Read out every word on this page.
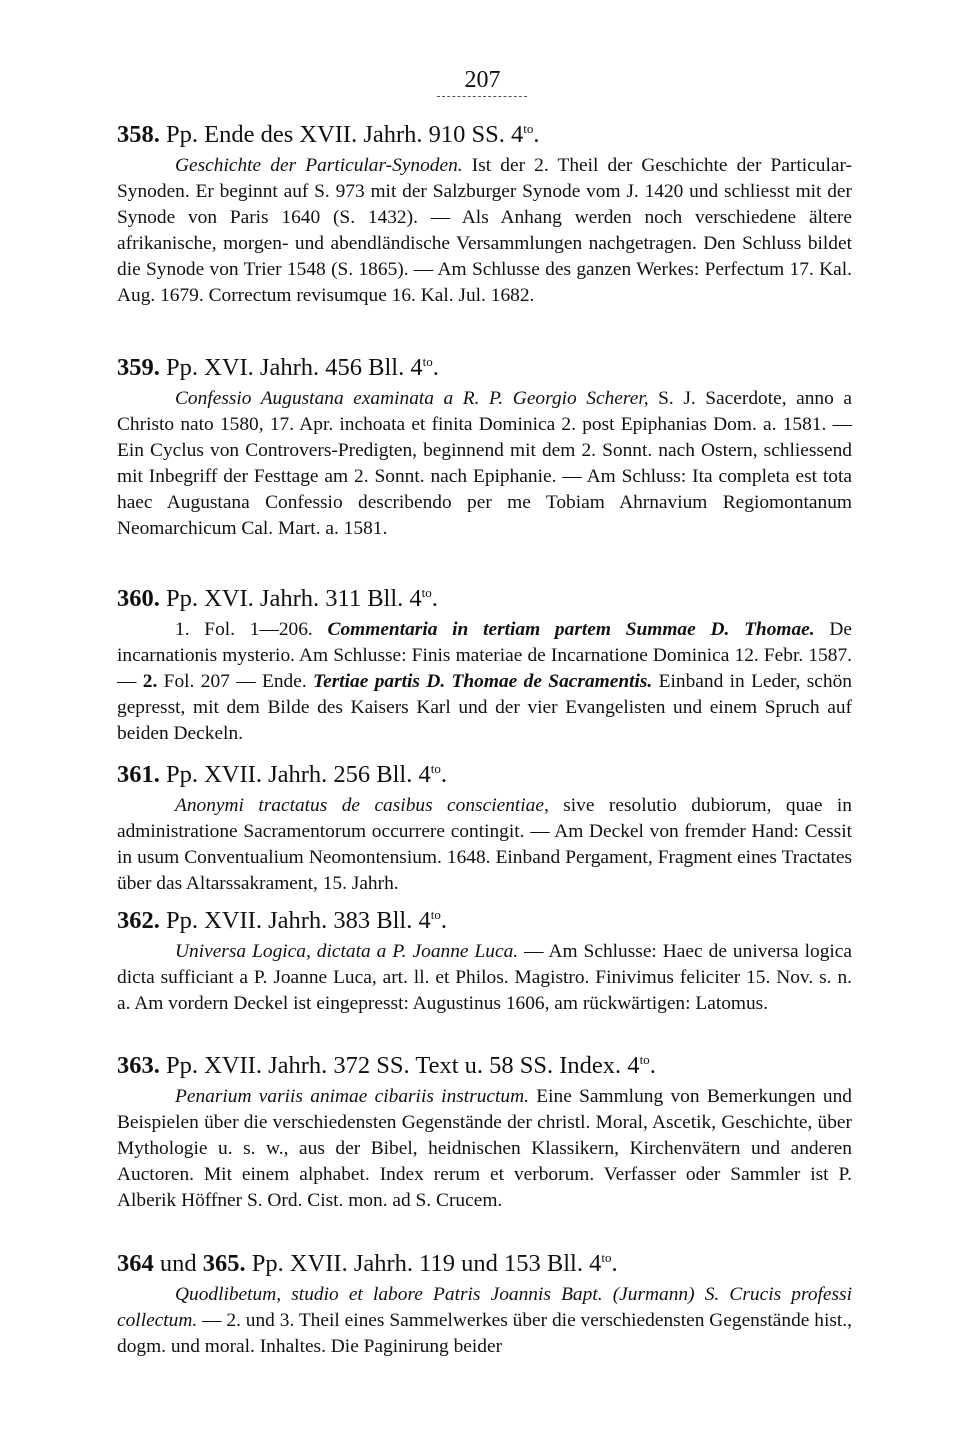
207
358. Pp. Ende des XVII. Jahrh. 910 SS. $4^{to}$.
Geschichte der Particular-Synoden. Ist der 2. Theil der Geschichte der Particular-Synoden. Er beginnt auf S. 973 mit der Salzburger Synode vom J. 1420 und schliesst mit der Synode von Paris 1640 (S. 1432). — Als Anhang werden noch verschiedene ältere afrikanische, morgen- und abendländische Versammlungen nachgetragen. Den Schluss bildet die Synode von Trier 1548 (S. 1865). — Am Schlusse des ganzen Werkes: Perfectum 17. Kal. Aug. 1679. Correctum revisumque 16. Kal. Jul. 1682.
359. Pp. XVI. Jahrh. 456 Bll. $4^{to}$.
Confessio Augustana examinata a R. P. Georgio Scherer, S. J. Sacerdote, anno a Christo nato 1580, 17. Apr. inchoata et finita Dominica 2. post Epiphanias Dom. a. 1581. — Ein Cyclus von Controvers-Predigten, beginnend mit dem 2. Sonnt. nach Ostern, schliessend mit Inbegriff der Festtage am 2. Sonnt. nach Epiphanie. — Am Schluss: Ita completa est tota haec Augustana Confessio describendo per me Tobiam Ahrnavium Regiomontanum Neomarchicum Cal. Mart. a. 1581.
360. Pp. XVI. Jahrh. 311 Bll. $4^{to}$.
1. Fol. 1—206. Commentaria in tertiam partem Summae D. Thomae. De incarnationis mysterio. Am Schlusse: Finis materiae de Incarnatione Dominica 12. Febr. 1587. — 2. Fol. 207 — Ende. Tertiae partis D. Thomae de Sacramentis. Einband in Leder, schön gepresst, mit dem Bilde des Kaisers Karl und der vier Evangelisten und einem Spruch auf beiden Deckeln.
361. Pp. XVII. Jahrh. 256 Bll. $4^{to}$.
Anonymi tractatus de casibus conscientiae, sive resolutio dubiorum, quae in administratione Sacramentorum occurrere contingit. — Am Deckel von fremder Hand: Cessit in usum Conventualium Neomontensium. 1648. Einband Pergament, Fragment eines Tractates über das Altarssakrament, 15. Jahrh.
362. Pp. XVII. Jahrh. 383 Bll. $4^{to}$.
Universa Logica, dictata a P. Joanne Luca. — Am Schlusse: Haec de universa logica dicta sufficiant a P. Joanne Luca, art. ll. et Philos. Magistro. Finivimus feliciter 15. Nov. s. n. a. Am vordern Deckel ist eingepresst: Augustinus 1606, am rückwärtigen: Latomus.
363. Pp. XVII. Jahrh. 372 SS. Text u. 58 SS. Index. $4^{to}$.
Penarium variis animae cibariis instructum. Eine Sammlung von Bemerkungen und Beispielen über die verschiedensten Gegenstände der christl. Moral, Ascetik, Geschichte, über Mythologie u. s. w., aus der Bibel, heidnischen Klassikern, Kirchenvätern und anderen Auctoren. Mit einem alphabet. Index rerum et verborum. Verfasser oder Sammler ist P. Alberik Höffner S. Ord. Cist. mon. ad S. Crucem.
364 und 365. Pp. XVII. Jahrh. 119 und 153 Bll. $4^{to}$.
Quodlibetum, studio et labore Patris Joannis Bapt. (Jurmann) S. Crucis professi collectum. — 2. und 3. Theil eines Sammelwerkes über die verschiedensten Gegenstände hist., dogm. und moral. Inhaltes. Die Paginirung beider
